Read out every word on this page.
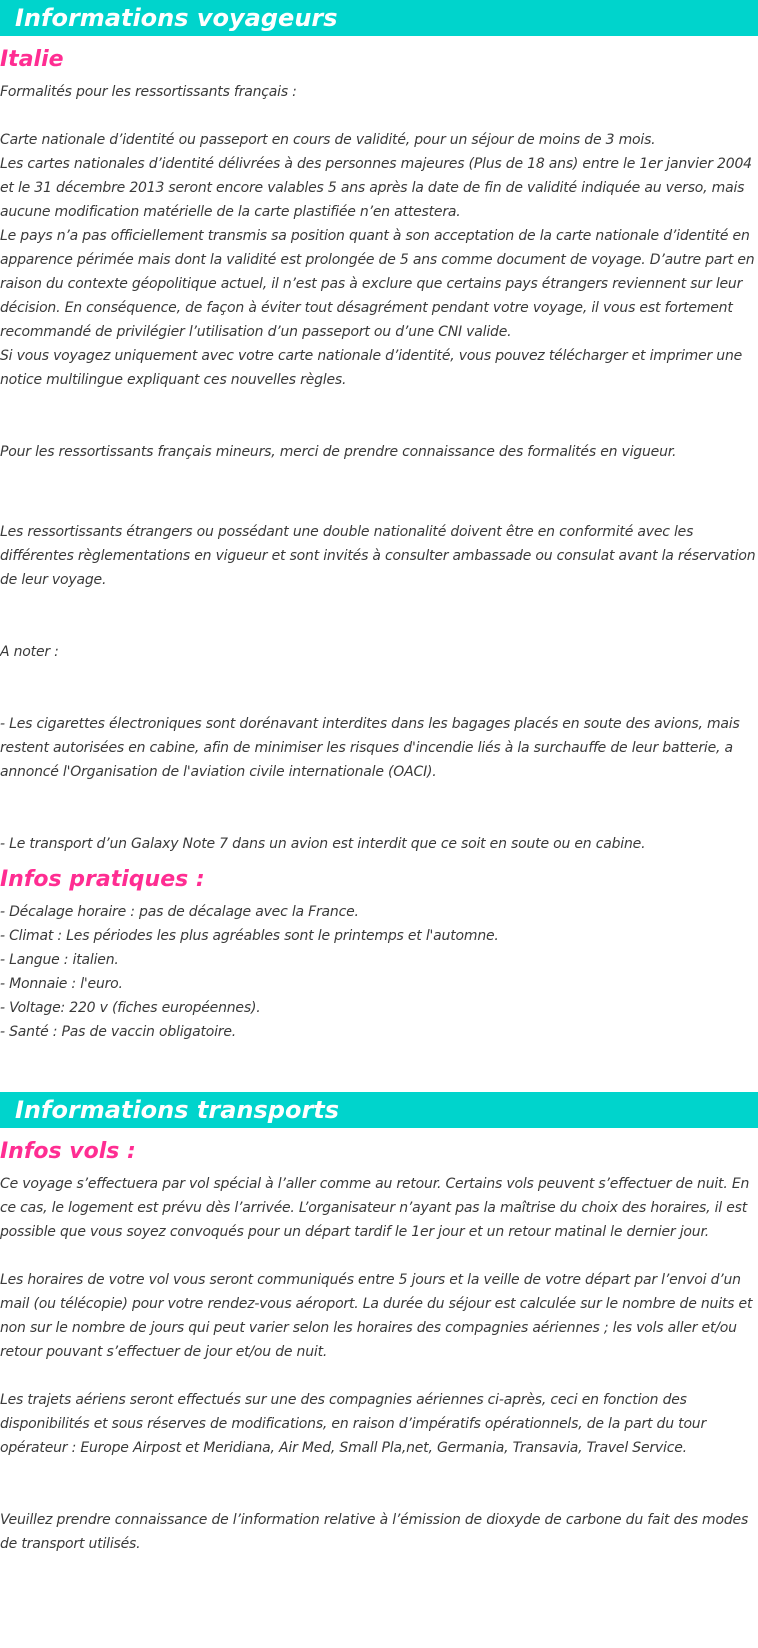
Informations voyageurs
Italie

Formalités pour les ressortissants français :

Carte nationale d’identité ou passeport en cours de validité, pour un séjour de moins de 3 mois.

Les cartes nationales d’identité délivrées à des personnes majeures (Plus de 18 ans) entre le 1er janvier 2004 et le 31 décembre 2013 seront encore valables 5 ans après la date de fin de validité indiquée au verso, mais aucune modification matérielle de la carte plastifiée n’en attestera.

Le pays n’a pas officiellement transmis sa position quant à son acceptation de la carte nationale d’identité en apparence périmée mais dont la validité est prolongée de 5 ans comme document de voyage. D’autre part en raison du contexte géopolitique actuel, il n’est pas à exclure que certains pays étrangers reviennent sur leur décision. En conséquence, de façon à éviter tout désagrément pendant votre voyage, il vous est fortement recommandé de privilégier l’utilisation d’un passeport ou d’une CNI valide.

Si vous voyagez uniquement avec votre carte nationale d’identité, vous pouvez télécharger et imprimer une notice multilingue expliquant ces nouvelles règles.

Pour les ressortissants français mineurs, merci de prendre connaissance des formalités en vigueur.

Les ressortissants étrangers ou possédant une double nationalité doivent être en conformité avec les différentes règlementations en vigueur et sont invités à consulter ambassade ou consulat avant la réservation de leur voyage.

A noter :

- Les cigarettes électroniques sont dorénavant interdites dans les bagages placés en soute des avions, mais restent autorisées en cabine, afin de minimiser les risques d'incendie liés à la surchauffe de leur batterie, a annoncé l'Organisation de l'aviation civile internationale (OACI).

- Le transport d’un Galaxy Note 7 dans un avion est interdit que ce soit en soute ou en cabine.

Infos pratiques :
- Décalage horaire : pas de décalage avec la France.
- Climat : Les périodes les plus agréables sont le printemps et l'automne.
- Langue : italien.
- Monnaie : l'euro.
- Voltage: 220 v (fiches européennes).
- Santé : Pas de vaccin obligatoire.
Informations transports
Infos vols :

Ce voyage s’effectuera par vol spécial à l’aller comme au retour. Certains vols peuvent s’effectuer de nuit. En ce cas, le logement est prévu dès l’arrivée. L’organisateur n’ayant pas la maîtrise du choix des horaires, il est possible que vous soyez convoqués pour un départ tardif le 1er jour et un retour matinal le dernier jour.

Les horaires de votre vol vous seront communiqués entre 5 jours et la veille de votre départ par l’envoi d’un mail (ou télécopie) pour votre rendez-vous aéroport. La durée du séjour est calculée sur le nombre de nuits et non sur le nombre de jours qui peut varier selon les horaires des compagnies aériennes ; les vols aller et/ou retour pouvant s’effectuer de jour et/ou de nuit.

Les trajets aériens seront effectués sur une des compagnies aériennes ci-après, ceci en fonction des disponibilités et sous réserves de modifications, en raison d’impératifs opérationnels, de la part du tour opérateur : Europe Airpost et Meridiana, Air Med, Small Pla,net, Germania, Transavia, Travel Service.

Veuillez prendre connaissance de l’information relative à l’émission de dioxyde de carbone du fait des modes de transport utilisés.
